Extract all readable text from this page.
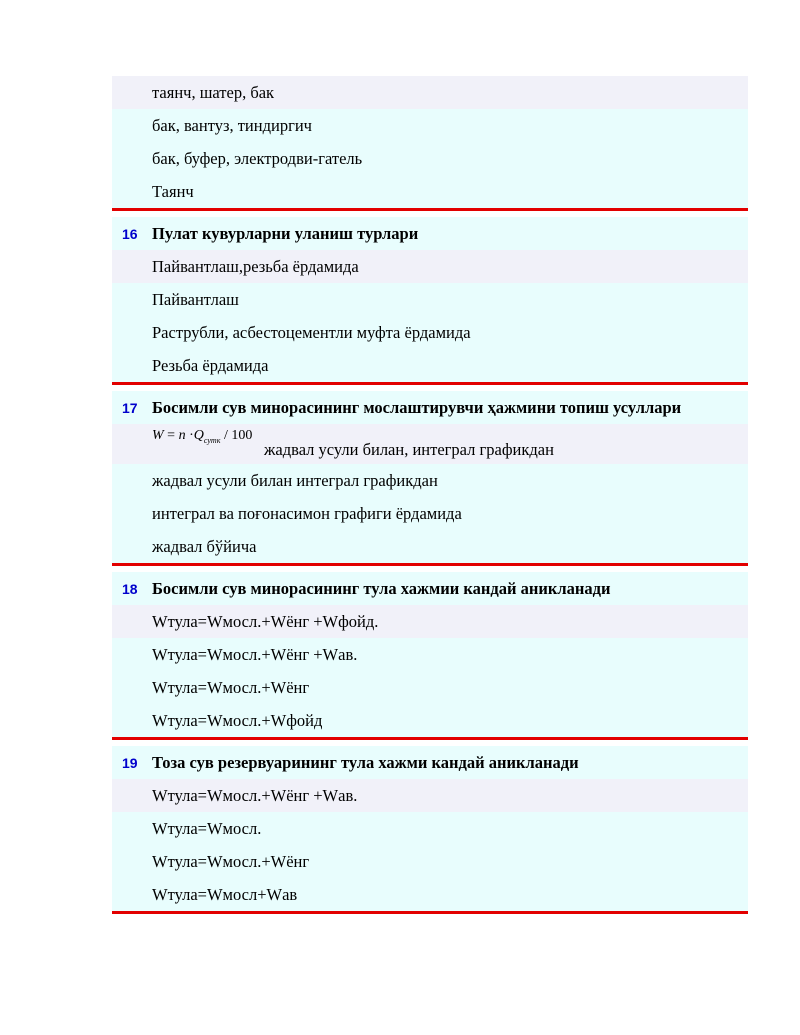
таянч, шатер, бак
бак, вантуз, тиндиргич
бак, буфер, электродви-гатель
Таянч
16 Пулат кувурларни уланиш турлари
Пайвантлаш,резьба ёрдамида
Пайвантлаш
Раструбли, асбестоцементли муфта ёрдамида
Резьба ёрдамида
17 Босимли сув минорасининг мослаштирувчи ҳажмини топиш усуллари
$W = n \cdot Q_{сутк} / 100$
жадвал усули билан, интеграл графикдан
жадвал усули билан интеграл графикдан
интеграл ва поғонасимон графиги ёрдамида
жадвал бўйича
18 Босимли сув минорасининг тула хажмии кандай аникланади
Wтула=Wмосл.+Wёнг +Wфойд.
Wтула=Wмосл.+Wёнг +Wав.
Wтула=Wмосл.+Wёнг
Wтула=Wмосл.+Wфойд
19 Тоза сув резервуарининг тула хажми кандай аникланади
Wтула=Wмосл.+Wёнг +Wав.
Wтула=Wмосл.
Wтула=Wмосл.+Wёнг
Wтула=Wмосл+Wав
